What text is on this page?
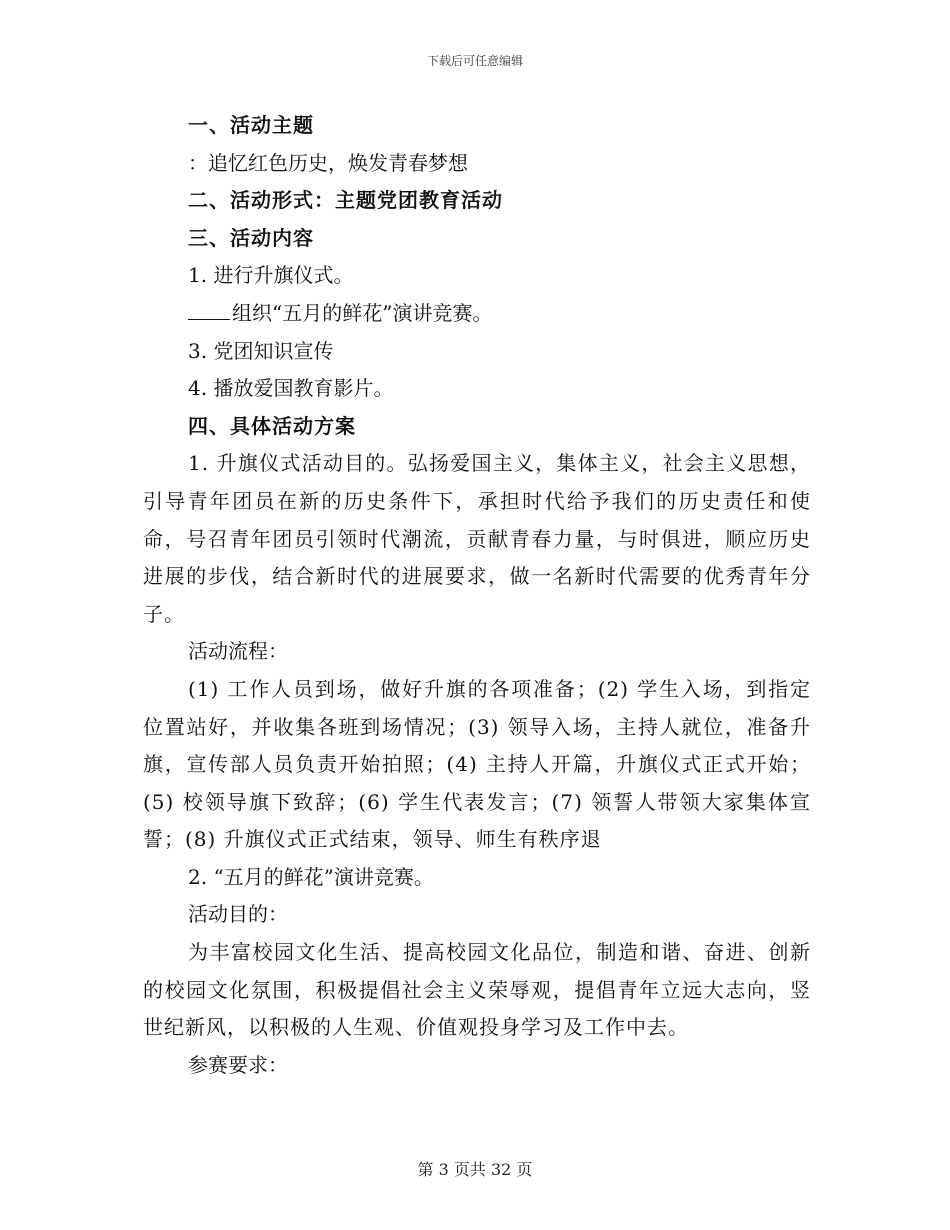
下载后可任意编辑

一、活动主题

：追忆红色历史，焕发青春梦想

二、活动形式：主题党团教育活动

三、活动内容

1. 进行升旗仪式。

组织“五月的鲜花”演讲竞赛。

3. 党团知识宣传

4. 播放爱国教育影片。

四、具体活动方案

1. 升旗仪式活动目的。弘扬爱国主义，集体主义，社会主义思想，引导青年团员在新的历史条件下，承担时代给予我们的历史责任和使命，号召青年团员引领时代潮流，贡献青春力量，与时俱进，顺应历史进展的步伐，结合新时代的进展要求，做一名新时代需要的优秀青年分子。

活动流程：

(1) 工作人员到场，做好升旗的各项准备；(2) 学生入场，到指定位置站好，并收集各班到场情况；(3) 领导入场，主持人就位，准备升旗，宣传部人员负责开始拍照；(4) 主持人开篇，升旗仪式正式开始；(5) 校领导旗下致辞；(6) 学生代表发言；(7) 领誓人带领大家集体宣誓；(8) 升旗仪式正式结束，领导、师生有秩序退

2. “五月的鲜花”演讲竞赛。

活动目的：

为丰富校园文化生活、提高校园文化品位，制造和谐、奋进、创新的校园文化氛围，积极提倡社会主义荣辱观，提倡青年立远大志向，竖世纪新风，以积极的人生观、价值观投身学习及工作中去。

参赛要求：

第 3 页共 32 页
